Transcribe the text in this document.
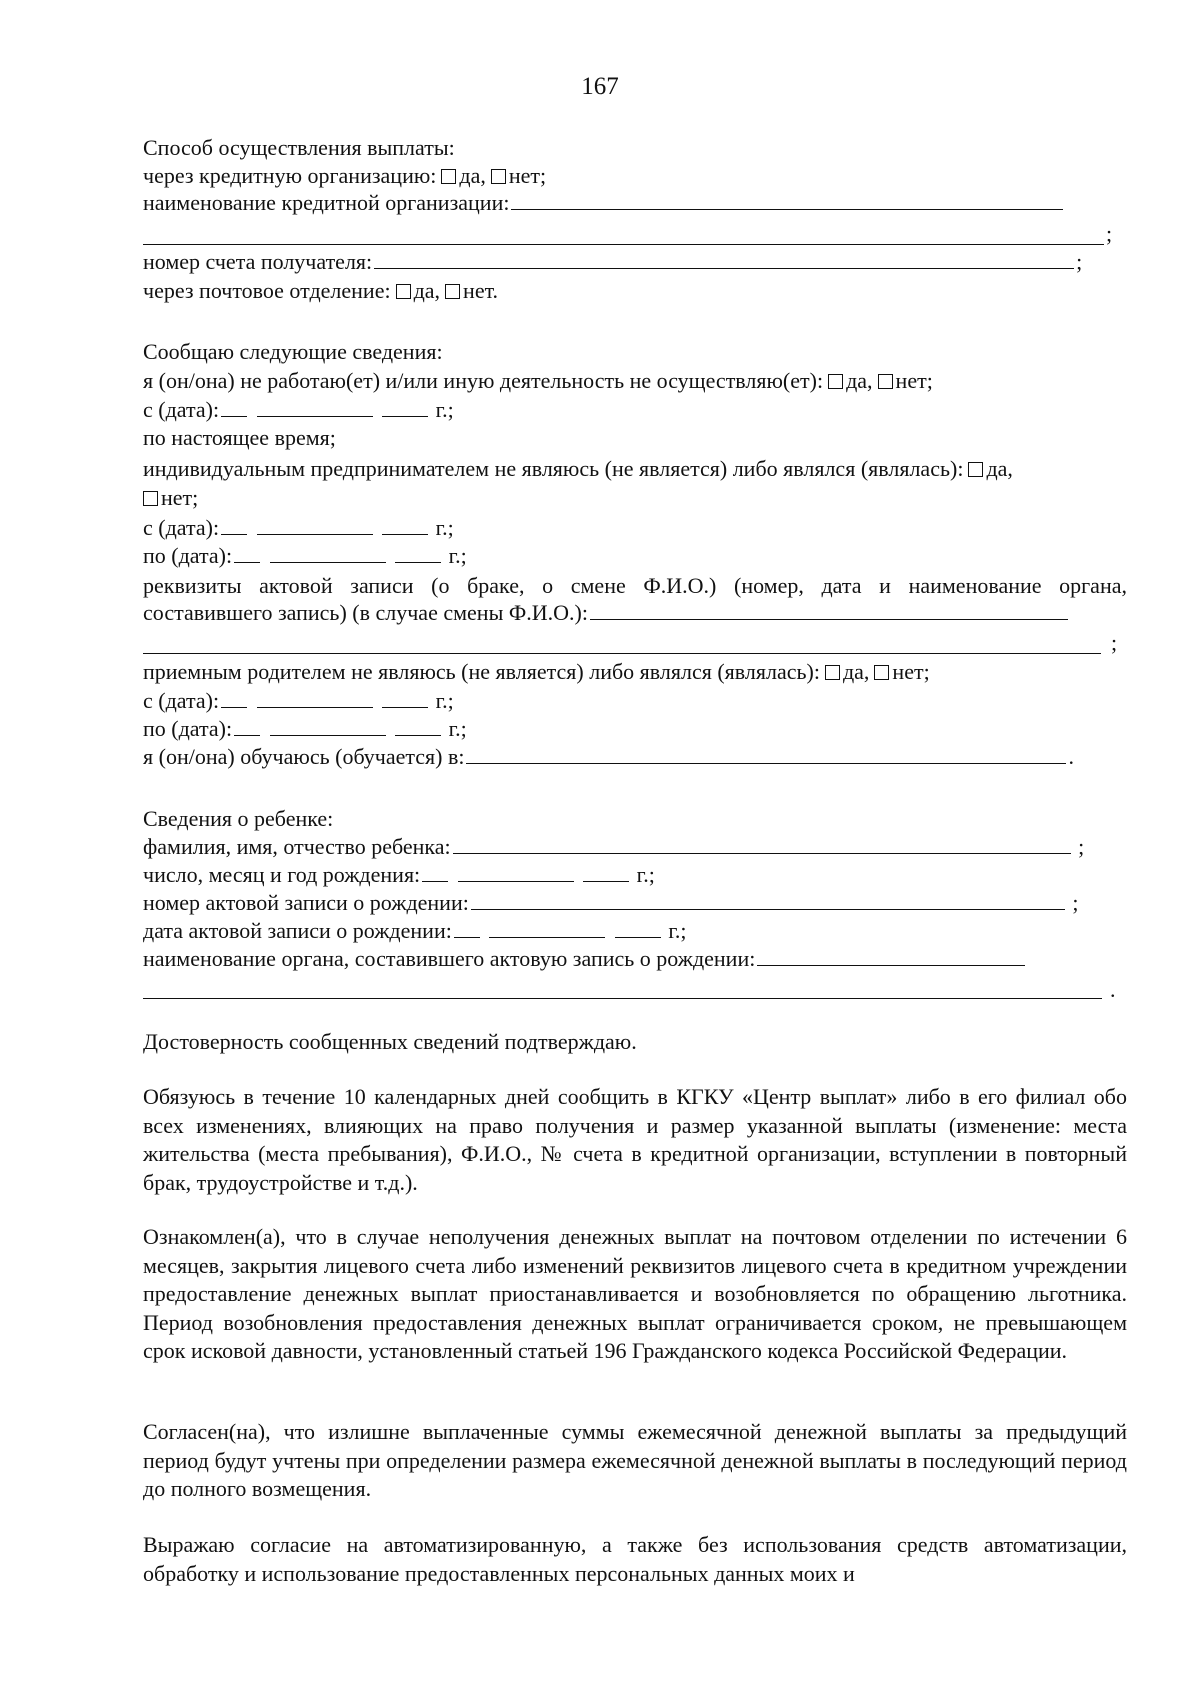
167
Способ осуществления выплаты:
через кредитную организацию: да, нет;
наименование кредитной организации:
;
номер счета получателя:	;
через почтовое отделение: да, нет.
Сообщаю следующие сведения:
я (он/она) не работаю(ет) и/или иную деятельность не осуществляю(ет): да, нет;
с (дата):	г.;
по настоящее время;
индивидуальным предпринимателем не являюсь (не является) либо являлся (являлась): да,
нет;
с (дата):	г.;
по (дата):	г.;
реквизиты актовой записи (о браке, о смене Ф.И.О.) (номер, дата и наименование органа,
составившего запись) (в случае смены Ф.И.О.):
;
приемным родителем не являюсь (не является) либо являлся (являлась): да, нет;
с (дата):	г.;
по (дата):	г.;
я (он/она) обучаюсь (обучается) в:	.
Сведения о ребенке:
фамилия, имя, отчество ребенка:	;
число, месяц и год рождения:	г.;
номер актовой записи о рождении:	;
дата актовой записи о рождении:	г.;
наименование органа, составившего актовую запись о рождении:
.
Достоверность сообщенных сведений подтверждаю.
Обязуюсь в течение 10 календарных дней сообщить в КГКУ «Центр выплат» либо в его филиал обо всех изменениях, влияющих на право получения и размер указанной выплаты (изменение: места жительства (места пребывания), Ф.И.О., № счета в кредитной организации, вступлении в повторный брак, трудоустройстве и т.д.).
Ознакомлен(а), что в случае неполучения денежных выплат на почтовом отделении по истечении 6 месяцев, закрытия лицевого счета либо изменений реквизитов лицевого счета в кредитном учреждении предоставление денежных выплат приостанавливается и возобновляется по обращению льготника. Период возобновления предоставления денежных выплат ограничивается сроком, не превышающем срок исковой давности, установленный статьей 196 Гражданского кодекса Российской Федерации.
Согласен(на), что излишне выплаченные суммы ежемесячной денежной выплаты за предыдущий период будут учтены при определении размера ежемесячной денежной выплаты в последующий период до полного возмещения.
Выражаю согласие на автоматизированную, а также без использования средств автоматизации, обработку и использование предоставленных персональных данных моих и
